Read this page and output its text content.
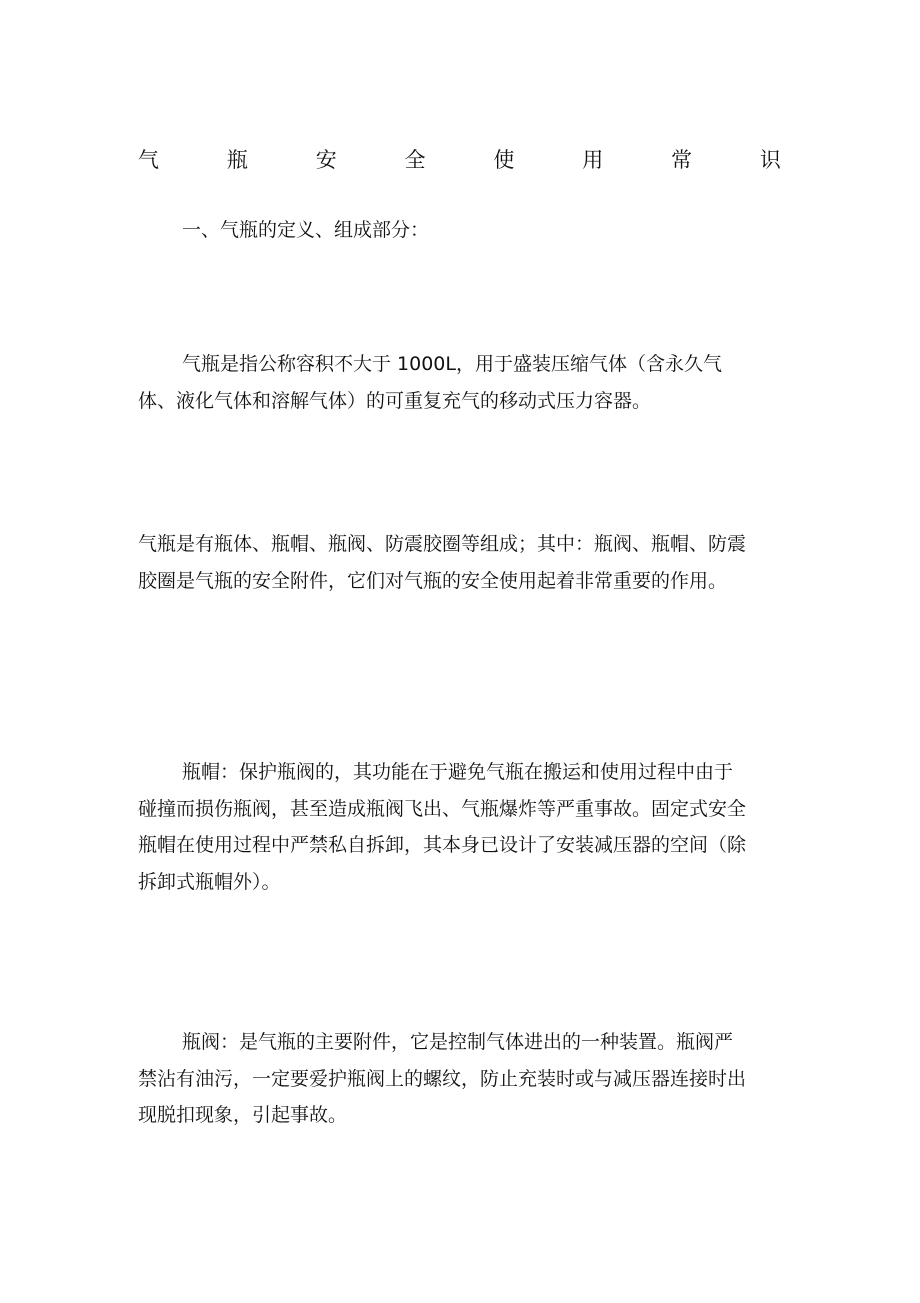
气	瓶	安	全	使	用	常	识

一、气瓶的定义、组成部分：

气瓶是指公称容积不大于 1000L，用于盛装压缩气体（含永久气体、液化气体和溶解气体）的可重复充气的移动式压力容器。

气瓶是有瓶体、瓶帽、瓶阀、防震胶圈等组成；其中：瓶阀、瓶帽、防震胶圈是气瓶的安全附件，它们对气瓶的安全使用起着非常重要的作用。

瓶帽：保护瓶阀的，其功能在于避免气瓶在搬运和使用过程中由于碰撞而损伤瓶阀，甚至造成瓶阀飞出、气瓶爆炸等严重事故。固定式安全瓶帽在使用过程中严禁私自拆卸，其本身已设计了安装减压器的空间（除拆卸式瓶帽外）。

瓶阀：是气瓶的主要附件，它是控制气体进出的一种装置。瓶阀严禁沾有油污，一定要爱护瓶阀上的螺纹，防止充装时或与减压器连接时出现脱扣现象，引起事故。
